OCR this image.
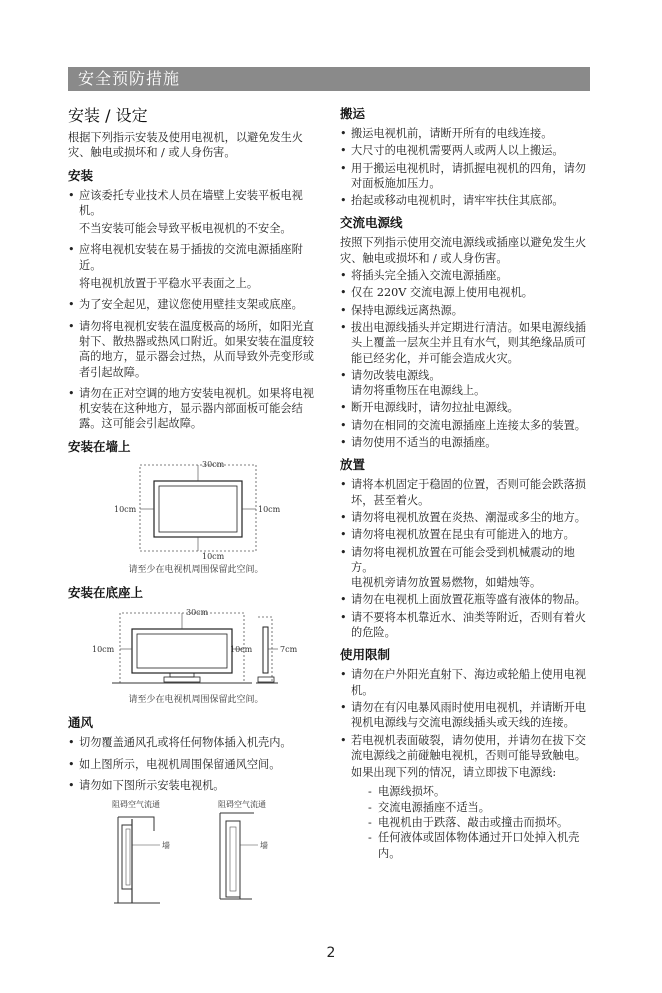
安全预防措施
安装 / 设定

根据下列指示安装及使用电视机，以避免发生火灾、触电或损坏和 / 或人身伤害。

安装
• 应该委托专业技术人员在墙壁上安装平板电视机。
不当安装可能会导致平板电视机的不安全。
• 应将电视机安装在易于插拔的交流电源插座附近。
将电视机放置于平稳水平表面之上。
• 为了安全起见，建议您使用壁挂支架或底座。
• 请勿将电视机安装在温度极高的场所，如阳光直射下、散热器或热风口附近。如果安装在温度较高的地方，显示器会过热，从而导致外壳变形或者引起故障。
• 请勿在正对空调的地方安装电视机。如果将电视机安装在这种地方，显示器内部面板可能会结露。这可能会引起故障。
安装在墙上
30cm
10cm	10cm
10cm
请至少在电视机周围保留此空间。
安装在底座上
30cm
10cm	10cm	7cm
请至少在电视机周围保留此空间。
通风
• 切勿覆盖通风孔或将任何物体插入机壳内。
• 如上图所示，电视机周围保留通风空间。
• 请勿如下图所示安装电视机。
阻碍空气流通	阻碍空气流通
墙	墙
搬运
• 搬运电视机前，请断开所有的电线连接。
• 大尺寸的电视机需要两人或两人以上搬运。
• 用于搬运电视机时，请抓握电视机的四角，请勿对面板施加压力。
• 抬起或移动电视机时，请牢牢扶住其底部。
交流电源线

按照下列指示使用交流电源线或插座以避免发生火灾、触电或损坏和 / 或人身伤害。

• 将插头完全插入交流电源插座。
• 仅在 220V 交流电源上使用电视机。
• 保持电源线远离热源。
• 拔出电源线插头并定期进行清洁。如果电源线插头上覆盖一层灰尘并且有水气，则其绝缘品质可能已经劣化，并可能会造成火灾。
• 请勿改装电源线。
请勿将重物压在电源线上。
• 断开电源线时，请勿拉扯电源线。
• 请勿在相同的交流电源插座上连接太多的装置。
• 请勿使用不适当的电源插座。
放置
• 请将本机固定于稳固的位置，否则可能会跌落损坏，甚至着火。
• 请勿将电视机放置在炎热、潮湿或多尘的地方。
• 请勿将电视机放置在昆虫有可能进入的地方。
• 请勿将电视机放置在可能会受到机械震动的地方。
电视机旁请勿放置易燃物，如蜡烛等。
• 请勿在电视机上面放置花瓶等盛有液体的物品。
• 请不要将本机靠近水、油类等附近，否则有着火的危险。
使用限制
• 请勿在户外阳光直射下、海边或轮船上使用电视机。
• 请勿在有闪电暴风雨时使用电视机，并请断开电视机电源线与交流电源线插头或天线的连接。
• 若电视机表面破裂，请勿使用，并请勿在拔下交流电源线之前碰触电视机，否则可能导致触电。
如果出现下列的情况，请立即拔下电源线:
- 电源线损坏。
- 交流电源插座不适当。
- 电视机由于跌落、敲击或撞击而损坏。
- 任何液体或固体物体通过开口处掉入机壳内。
2
